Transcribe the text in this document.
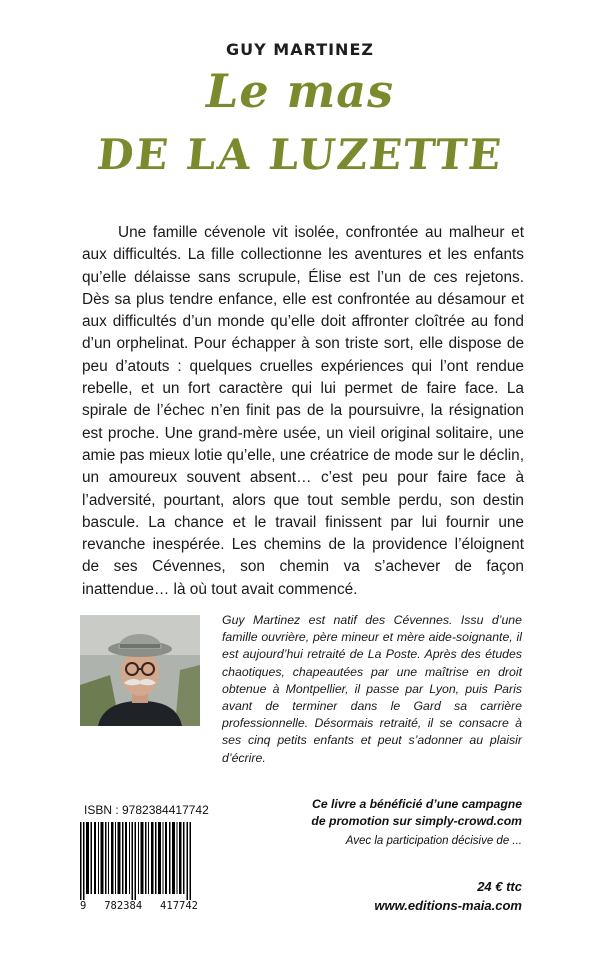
GUY MARTINEZ
Le mas
DE LA LUZETTE

Une famille cévenole vit isolée, confrontée au malheur et aux difficultés. La fille collectionne les aventures et les enfants qu’elle délaisse sans scrupule, Élise est l’un de ces rejetons. Dès sa plus tendre enfance, elle est confrontée au désamour et aux difficultés d’un monde qu’elle doit affronter cloîtrée au fond d’un orphelinat. Pour échapper à son triste sort, elle dispose de peu d’atouts : quelques cruelles expériences qui l’ont rendue rebelle, et un fort caractère qui lui permet de faire face. La spirale de l’échec n’en finit pas de la poursuivre, la résignation est proche. Une grand-mère usée, un vieil original solitaire, une amie pas mieux lotie qu’elle, une créatrice de mode sur le déclin, un amoureux souvent absent… c’est peu pour faire face à l’adversité, pourtant, alors que tout semble perdu, son destin bascule. La chance et le travail finissent par lui fournir une revanche inespérée. Les chemins de la providence l’éloignent de ses Cévennes, son chemin va s’achever de façon inattendue… là où tout avait commencé.

Guy Martinez est natif des Cévennes. Issu d’une famille ouvrière, père mineur et mère aide-soignante, il est aujourd’hui retraité de La Poste. Après des études chaotiques, chapeautées par une maîtrise en droit obtenue à Montpellier, il passe par Lyon, puis Paris avant de terminer dans le Gard sa carrière professionnelle. Désormais retraité, il se consacre à ses cinq petits enfants et peut s’adonner au plaisir d’écrire.

ISBN : 9782384417742
9 782384 417742
Ce livre a bénéficié d’une campagne
de promotion sur simply-crowd.com
Avec la participation décisive de ...
24 € ttc
www.editions-maia.com
